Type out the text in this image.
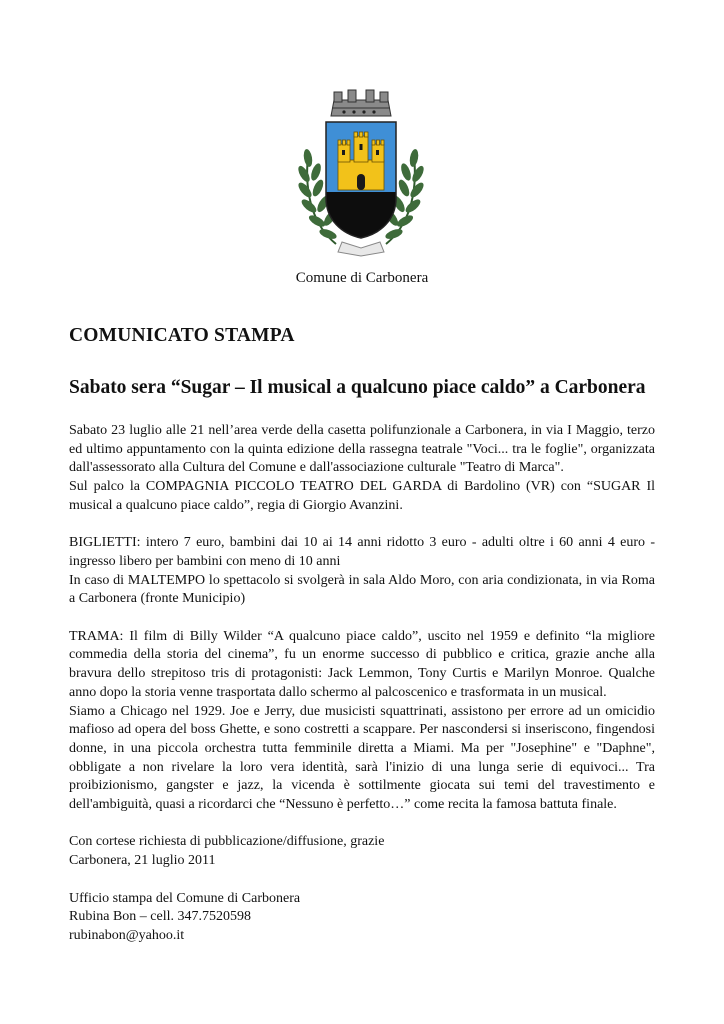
Comune di Carbonera
COMUNICATO STAMPA
Sabato sera “Sugar – Il musical a qualcuno piace caldo” a Carbonera

Sabato 23 luglio alle 21 nell’area verde della casetta polifunzionale a Carbonera, in via I Maggio, terzo ed ultimo appuntamento con la quinta edizione della rassegna teatrale "Voci... tra le foglie", organizzata dall'assessorato alla Cultura del Comune e dall'associazione culturale "Teatro di Marca".

Sul palco la COMPAGNIA PICCOLO TEATRO DEL GARDA di Bardolino (VR) con “SUGAR Il musical a qualcuno piace caldo”, regia di Giorgio Avanzini.

BIGLIETTI: intero 7 euro, bambini dai 10 ai 14 anni ridotto 3 euro - adulti oltre i 60 anni 4 euro - ingresso libero per bambini con meno di 10 anni

In caso di MALTEMPO lo spettacolo si svolgerà in sala Aldo Moro, con aria condizionata, in via Roma a Carbonera (fronte Municipio)

TRAMA: Il film di Billy Wilder “A qualcuno piace caldo”, uscito nel 1959 e definito “la migliore commedia della storia del cinema”, fu un enorme successo di pubblico e critica, grazie anche alla bravura dello strepitoso tris di protagonisti: Jack Lemmon, Tony Curtis e Marilyn Monroe. Qualche anno dopo la storia venne trasportata dallo schermo al palcoscenico e trasformata in un musical.

Siamo a Chicago nel 1929. Joe e Jerry, due musicisti squattrinati, assistono per errore ad un omicidio mafioso ad opera del boss Ghette, e sono costretti a scappare. Per nascondersi si inseriscono, fingendosi donne, in una piccola orchestra tutta femminile diretta a Miami. Ma per "Josephine" e "Daphne", obbligate a non rivelare la loro vera identità, sarà l'inizio di una lunga serie di equivoci... Tra proibizionismo, gangster e jazz, la vicenda è sottilmente giocata sui temi del travestimento e dell'ambiguità, quasi a ricordarci che “Nessuno è perfetto…” come recita la famosa battuta finale.

Con cortese richiesta di pubblicazione/diffusione, grazie

Carbonera, 21 luglio 2011

Ufficio stampa del Comune di Carbonera

Rubina Bon – cell. 347.7520598

rubinabon@yahoo.it
